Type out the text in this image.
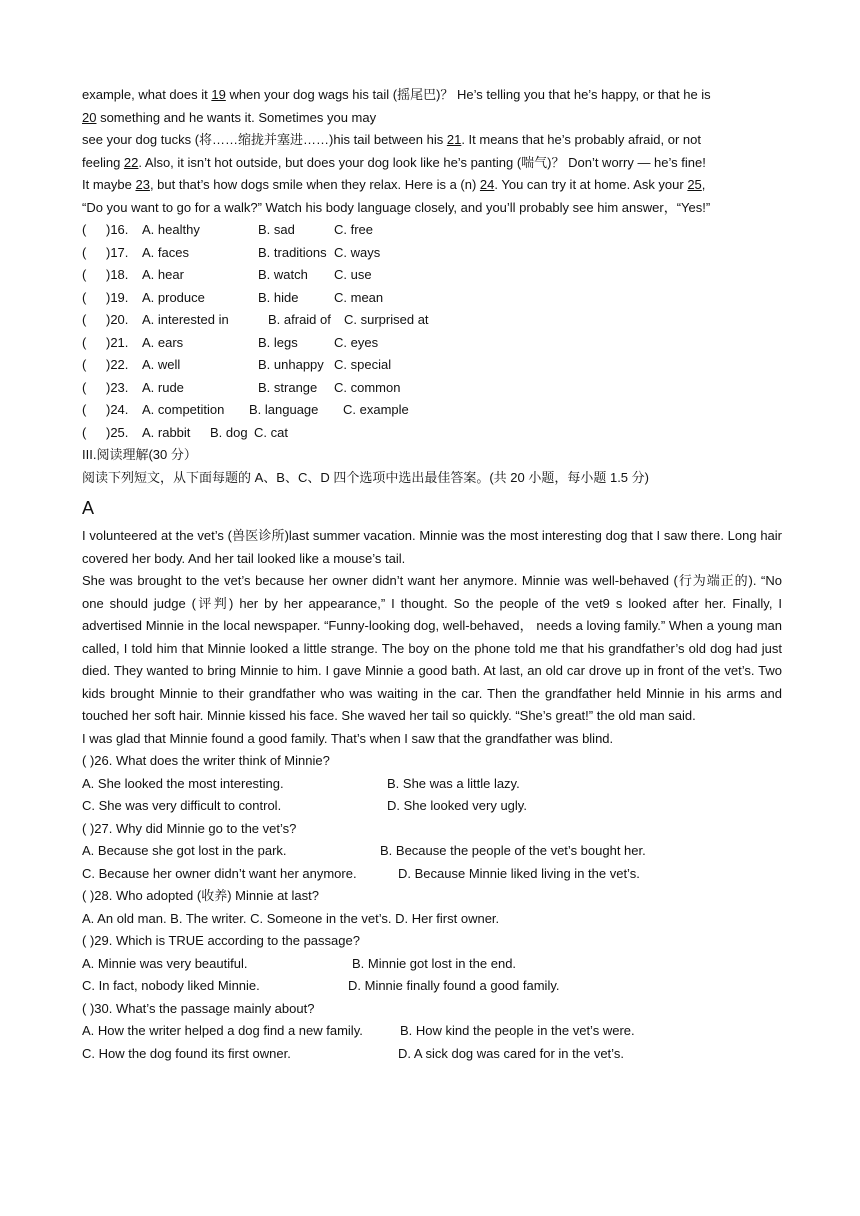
example, what does it 19 when your dog wags his tail (摇尾巴)？ He’s telling you that he’s happy, or that he is

20 something and he wants it. Sometimes you may

see your dog tucks (将……缩拢并塞进……)his tail between his 21. It means that he’s probably afraid, or not

feeling 22. Also, it isn’t hot outside, but does your dog look like he’s panting (喘气)？ Don’t worry — he’s fine!

It maybe 23, but that’s how dogs smile when they relax. Here is a (n) 24. You can try it at home. Ask your 25,

“Do you want to go for a walk?” Watch his body language closely, and you’ll probably see him answer，“Yes!”

(	)16.	A. healthy	B. sad	C. free
(	)17.	A. faces	B. traditions C. ways
(	)18.	A. hear	B. watch	C. use
(	)19.	A. produce	B. hide	C. mean
(	)20.	A. interested in	B. afraid of	C. surprised at
(	)21.	A. ears	B. legs	C. eyes
(	)22.	A. well	B. unhappy C. special
(	)23.	A. rude	B. strange	C. common
(	)24.	A. competition	B. language	C. example
(	)25.	A. rabbit	B. dog C. cat

III.阅读理解(30 分）

阅读下列短文，从下面每题的 A、B、C、D 四个选项中选出最佳答案。(共 20 小题，每小题 1.5 分)

A

I volunteered at the vet’s (兽医诊所)last summer vacation. Minnie was the most interesting dog that I saw there. Long hair covered her body. And her tail looked like a mouse’s tail.

She was brought to the vet’s because her owner didn’t want her anymore. Minnie was well-behaved (行为端正的). “No one should judge (评判) her by her appearance,” I thought. So the people of the vet9 s looked after her. Finally, I advertised Minnie in the local newspaper. “Funny-looking dog, well-behaved， needs a loving family.” When a young man called, I told him that Minnie looked a little strange. The boy on the phone told me that his grandfather’s old dog had just died. They wanted to bring Minnie to him. I gave Minnie a good bath. At last, an old car drove up in front of the vet’s. Two kids brought Minnie to their grandfather who was waiting in the car. Then the grandfather held Minnie in his arms and touched her soft hair. Minnie kissed his face. She waved her tail so quickly. “She’s great!” the old man said.

I was glad that Minnie found a good family. That’s when I saw that the grandfather was blind.

( )26. What does the writer think of Minnie?

A. She looked the most interesting.	B. She was a little lazy.
C. She was very difficult to control.	D. She looked very ugly.

( )27. Why did Minnie go to the vet’s?

A. Because she got lost in the park.	B. Because the people of the vet’s bought her.
C. Because her owner didn’t want her anymore.	D. Because Minnie liked living in the vet’s.

( )28. Who adopted (收养) Minnie at last?

A. An old man. B. The writer. C. Someone in the vet’s. D. Her first owner.

( )29. Which is TRUE according to the passage?

A. Minnie was very beautiful.	B. Minnie got lost in the end.
C. In fact, nobody liked Minnie.	D. Minnie finally found a good family.

( )30. What’s the passage mainly about?

A. How the writer helped a dog find a new family.	B. How kind the people in the vet’s were.
C. How the dog found its first owner.	D. A sick dog was cared for in the vet’s.
